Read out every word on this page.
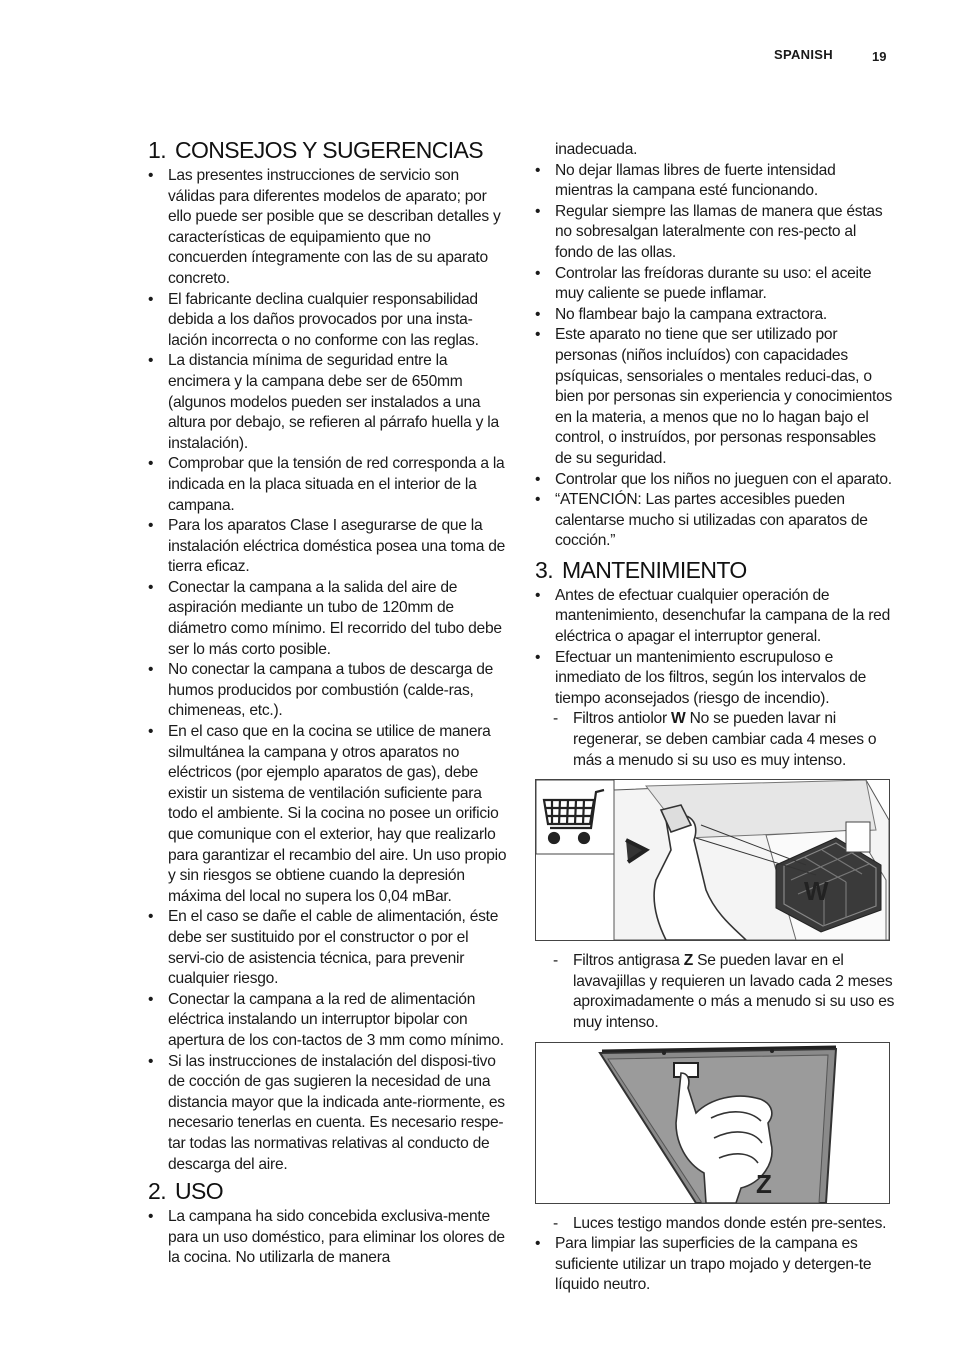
SPANISH	19
1. CONSEJOS Y SUGERENCIAS
• Las presentes instrucciones de servicio son válidas para diferentes modelos de aparato; por ello puede ser posible que se describan detalles y características de equipamiento que no concuerden íntegramente con las de su aparato concreto.
• El fabricante declina cualquier responsabilidad debida a los daños provocados por una insta-lación incorrecta o no conforme con las reglas.
• La distancia mínima de seguridad entre la encimera y la campana debe ser de 650mm (algunos modelos pueden ser instalados a una altura por debajo, se refieren al párrafo huella y la instalación).
• Comprobar que la tensión de red corresponda a la indicada en la placa situada en el interior de la campana.
• Para los aparatos Clase I asegurarse de que la instalación eléctrica doméstica posea una toma de tierra eficaz.
• Conectar la campana a la salida del aire de aspiración mediante un tubo de 120mm de diámetro como mínimo. El recorrido del tubo debe ser lo más corto posible.
• No conectar la campana a tubos de descarga de humos producidos por combustión (calde-ras, chimeneas, etc.).
• En el caso que en la cocina se utilice de manera silmultánea la campana y otros aparatos no eléctricos (por ejemplo aparatos de gas), debe existir un sistema de ventilación suficiente para todo el ambiente. Si la cocina no posee un orificio que comunique con el exterior, hay que realizarlo para garantizar el recambio del aire. Un uso propio y sin riesgos se obtiene cuando la depresión máxima del local no supera los 0,04 mBar.
• En el caso se dañe el cable de alimentación, éste debe ser sustituido por el constructor o por el servi-cio de asistencia técnica, para prevenir cualquier riesgo.
• Conectar la campana a la red de alimentación eléctrica instalando un interruptor bipolar con apertura de los con-tactos de 3 mm como mínimo.
• Si las instrucciones de instalación del disposi-tivo de cocción de gas sugieren la necesidad de una distancia mayor que la indicada ante-riormente, es necesario tenerlas en cuenta. Es necesario respe-tar todas las normativas relativas al conducto de descarga del aire.
2. USO
• La campana ha sido concebida exclusiva-mente para un uso doméstico, para eliminar los olores de la cocina. No utilizarla de manera
inadecuada.
• No dejar llamas libres de fuerte intensidad mientras la campana esté funcionando.
• Regular siempre las llamas de manera que éstas no sobresalgan lateralmente con res-pecto al fondo de las ollas.
• Controlar las freídoras durante su uso: el aceite muy caliente se puede inflamar.
• No flambear bajo la campana extractora.
• Este aparato no tiene que ser utilizado por personas (niños incluídos) con capacidades psíquicas, sensoriales o mentales reduci-das, o bien por personas sin experiencia y conocimientos en la materia, a menos que no lo hagan bajo el control, o instruídos, por personas responsables de su seguridad.
• Controlar que los niños no jueguen con el aparato.
• “ATENCIÓN: Las partes accesibles pueden calentarse mucho si utilizadas con aparatos de cocción.”
3. MANTENIMIENTO
• Antes de efectuar cualquier operación de mantenimiento, desenchufar la campana de la red eléctrica o apagar el interruptor general.
• Efectuar un mantenimiento escrupuloso e inmediato de los filtros, según los intervalos de tiempo aconsejados (riesgo de incendio).
- Filtros antiolor W No se pueden lavar ni regenerar, se deben cambiar cada 4 meses o más a menudo si su uso es muy intenso.
W
- Filtros antigrasa Z Se pueden lavar en el lavavajillas y requieren un lavado cada 2 meses aproximadamente o más a menudo si su uso es muy intenso.
Z
- Luces testigo mandos donde estén pre-sentes.
• Para limpiar las superficies de la campana es suficiente utilizar un trapo mojado y detergen-te líquido neutro.
